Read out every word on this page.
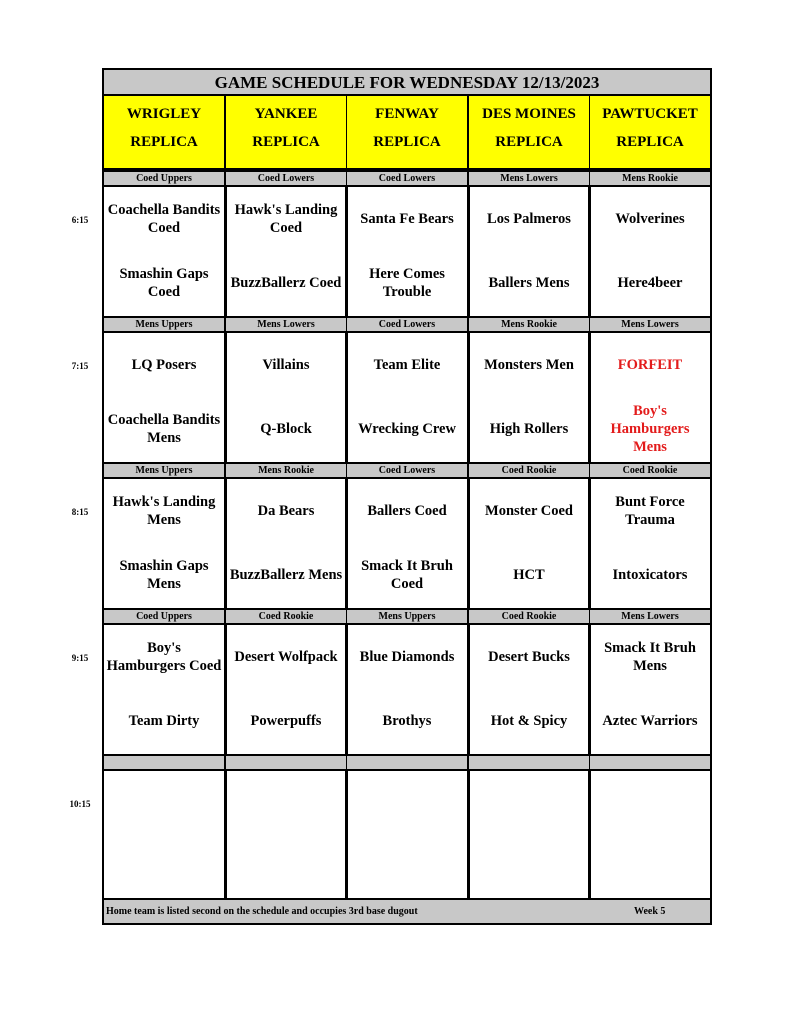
6:15
7:15
8:15
9:15
10:15
GAME SCHEDULE FOR WEDNESDAY 12/13/2023
WRIGLEY
REPLICA
YANKEE
REPLICA
FENWAY
REPLICA
DES MOINES
REPLICA
PAWTUCKET
REPLICA
Coed Uppers
Coachella Bandits Coed
Smashin Gaps Coed
Coed Lowers
Hawk's Landing Coed
BuzzBallerz Coed
Coed Lowers
Santa Fe Bears
Here Comes Trouble
Mens Lowers
Los Palmeros
Ballers Mens
Mens Rookie
Wolverines
Here4beer
Mens Uppers
LQ Posers
Coachella Bandits Mens
Mens Lowers
Villains
Q-Block
Coed Lowers
Team Elite
Wrecking Crew
Mens Rookie
Monsters Men
High Rollers
Mens Lowers
FORFEIT
Boy's Hamburgers Mens
Mens Uppers
Hawk's Landing Mens
Smashin Gaps Mens
Mens Rookie
Da Bears
BuzzBallerz Mens
Coed Lowers
Ballers Coed
Smack It Bruh Coed
Coed Rookie
Monster Coed
HCT
Coed Rookie
Bunt Force Trauma
Intoxicators
Coed Uppers
Boy's Hamburgers Coed
Team Dirty
Coed Rookie
Desert Wolfpack
Powerpuffs
Mens Uppers
Blue Diamonds
Brothys
Coed Rookie
Desert Bucks
Hot & Spicy
Mens Lowers
Smack It Bruh Mens
Aztec Warriors
Home team is listed second on the schedule and occupies 3rd base dugout	Week 5
